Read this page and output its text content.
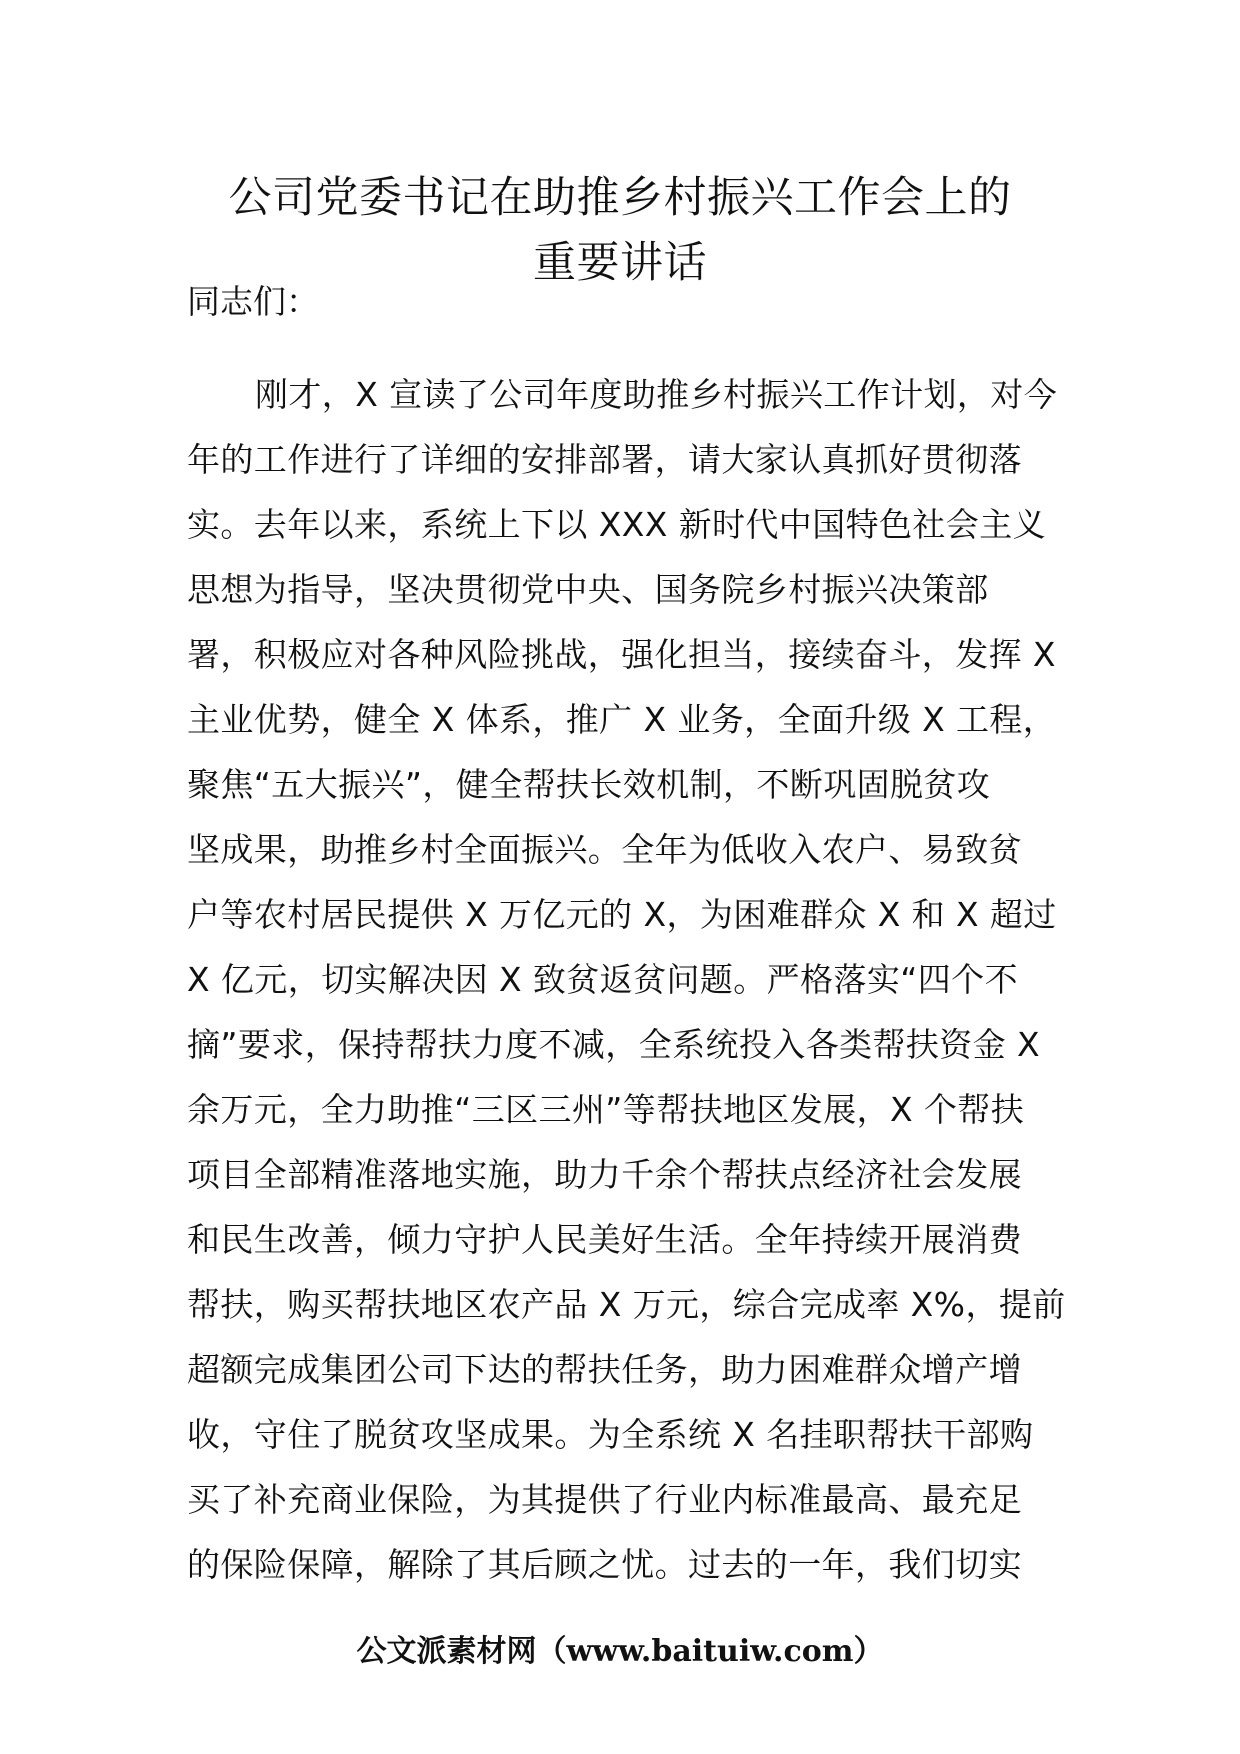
公司党委书记在助推乡村振兴工作会上的
重要讲话

同志们：

刚才，X 宣读了公司年度助推乡村振兴工作计划，对今
年的工作进行了详细的安排部署，请大家认真抓好贯彻落
实。去年以来，系统上下以 XXX 新时代中国特色社会主义
思想为指导，坚决贯彻党中央、国务院乡村振兴决策部
署，积极应对各种风险挑战，强化担当，接续奋斗，发挥 X
主业优势，健全 X 体系，推广 X 业务，全面升级 X 工程，
聚焦“五大振兴”，健全帮扶长效机制，不断巩固脱贫攻
坚成果，助推乡村全面振兴。全年为低收入农户、易致贫
户等农村居民提供 X 万亿元的 X，为困难群众 X 和 X 超过
X 亿元，切实解决因 X 致贫返贫问题。严格落实“四个不
摘”要求，保持帮扶力度不减，全系统投入各类帮扶资金 X
余万元，全力助推“三区三州”等帮扶地区发展，X 个帮扶
项目全部精准落地实施，助力千余个帮扶点经济社会发展
和民生改善，倾力守护人民美好生活。全年持续开展消费
帮扶，购买帮扶地区农产品 X 万元，综合完成率 X%，提前
超额完成集团公司下达的帮扶任务，助力困难群众增产增
收，守住了脱贫攻坚成果。为全系统 X 名挂职帮扶干部购
买了补充商业保险，为其提供了行业内标准最高、最充足
的保险保障，解除了其后顾之忧。过去的一年，我们切实

公文派素材网（www.baituiw.com）
